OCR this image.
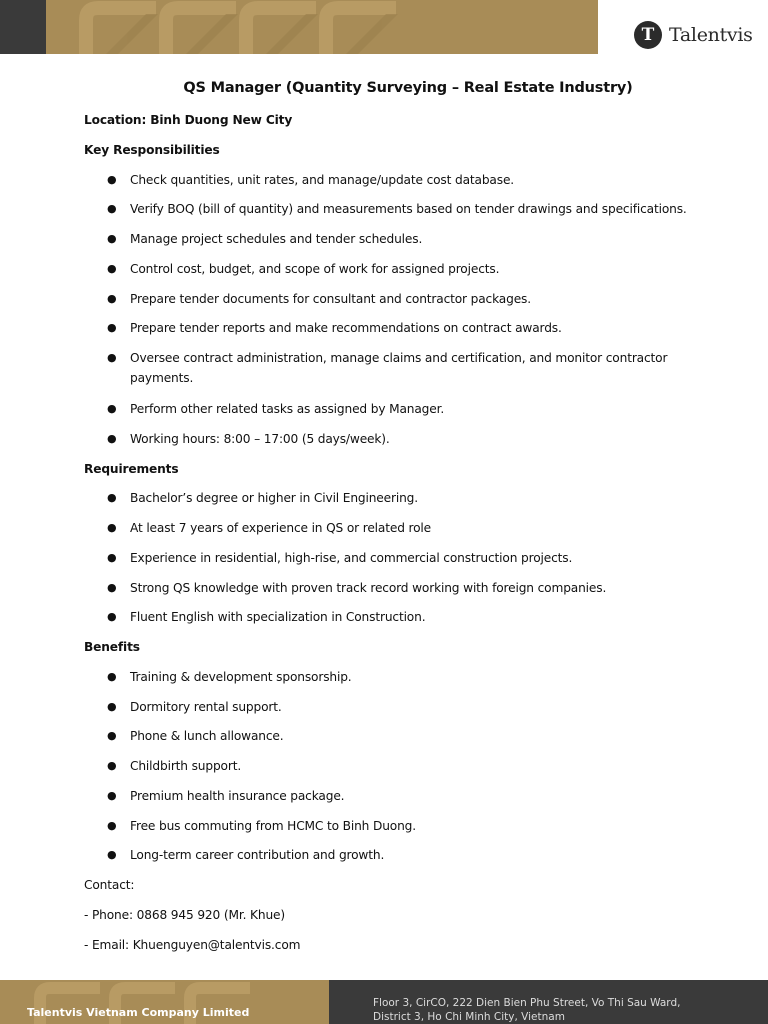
T Talentvis
QS Manager (Quantity Surveying – Real Estate Industry)
Location: Binh Duong New City
Key Responsibilities
● Check quantities, unit rates, and manage/update cost database.
● Verify BOQ (bill of quantity) and measurements based on tender drawings and specifications.
● Manage project schedules and tender schedules.
● Control cost, budget, and scope of work for assigned projects.
● Prepare tender documents for consultant and contractor packages.
● Prepare tender reports and make recommendations on contract awards.
● Oversee contract administration, manage claims and certification, and monitor contractor payments.
● Perform other related tasks as assigned by Manager.
● Working hours: 8:00 – 17:00 (5 days/week).
Requirements
● Bachelor’s degree or higher in Civil Engineering.
● At least 7 years of experience in QS or related role
● Experience in residential, high-rise, and commercial construction projects.
● Strong QS knowledge with proven track record working with foreign companies.
● Fluent English with specialization in Construction.
Benefits
● Training & development sponsorship.
● Dormitory rental support.
● Phone & lunch allowance.
● Childbirth support.
● Premium health insurance package.
● Free bus commuting from HCMC to Binh Duong.
● Long-term career contribution and growth.
Contact:
- Phone: 0868 945 920 (Mr. Khue)
- Email: Khuenguyen@talentvis.com
Talentvis Vietnam Company Limited
Floor 3, CirCO, 222 Dien Bien Phu Street, Vo Thi Sau Ward,
District 3, Ho Chi Minh City, Vietnam
